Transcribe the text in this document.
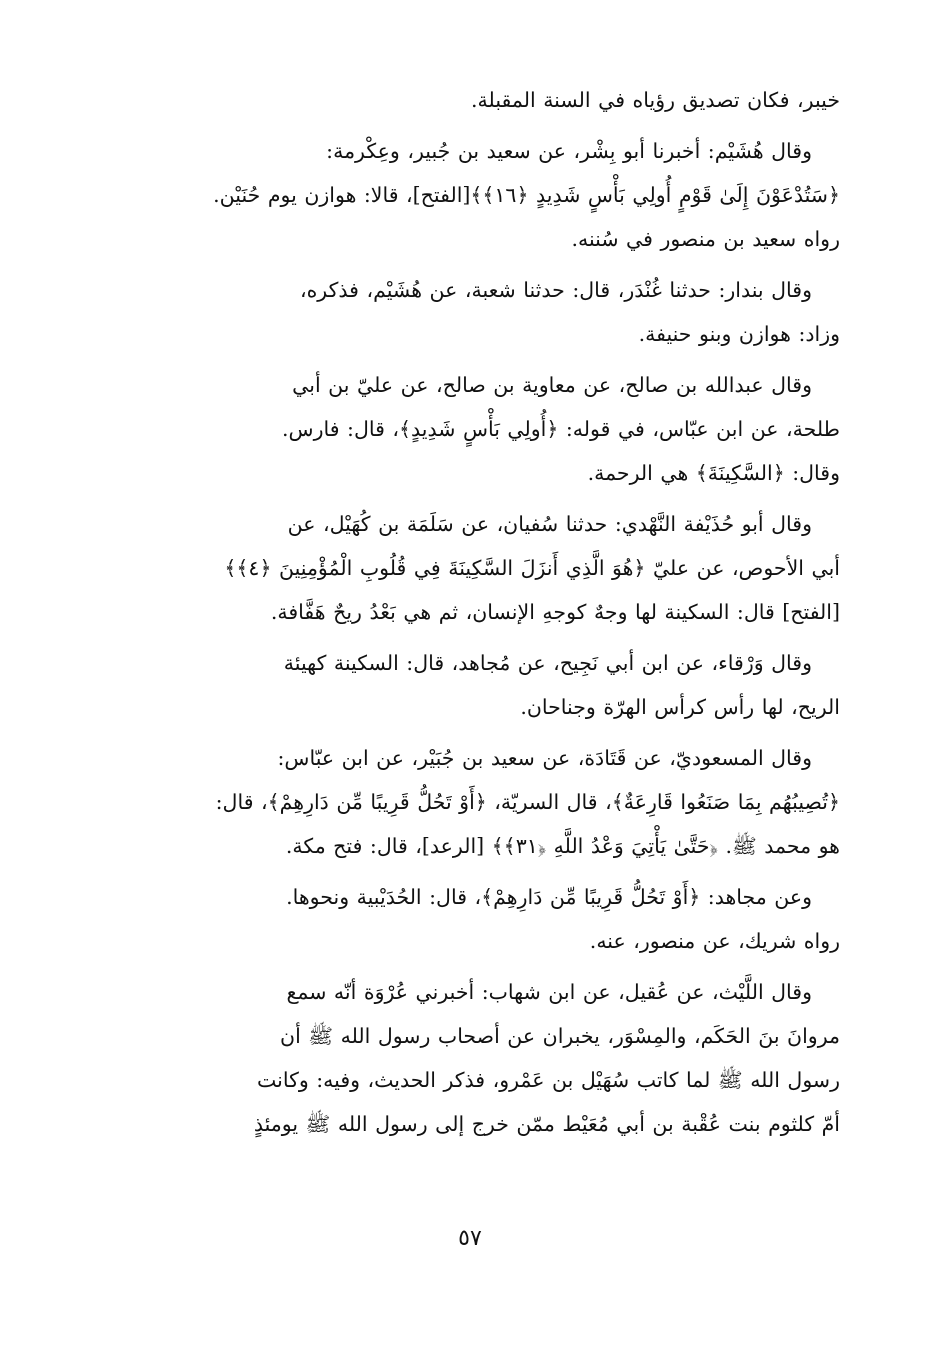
خيبر، فكان تصديق رؤياه في السنة المقبلة.

وقال هُشَيْم: أخبرنا أبو بِشْر، عن سعيد بن جُبير، وعِكْرمة:
﴿سَتُدْعَوْنَ إِلَىٰ قَوْمٍ أُولِي بَأْسٍ شَدِيدٍ ﴿١٦﴾﴾[الفتح]، قالا: هوازن يوم حُنَيْن.
رواه سعيد بن منصور في سُننه.

وقال بندار: حدثنا غُنْدَر، قال: حدثنا شعبة، عن هُشَيْم، فذكره،
وزاد: هوازن وبنو حنيفة.

وقال عبدالله بن صالح، عن معاوية بن صالح، عن عليّ بن أبي
طلحة، عن ابن عبّاس، في قوله: ﴿أُولِي بَأْسٍ شَدِيدٍ﴾، قال: فارس.
وقال: ﴿السَّكِينَةَ﴾ هي الرحمة.

وقال أبو حُذَيْفة النَّهْدي: حدثنا سُفيان، عن سَلَمَة بن كُهَيْل، عن
أبي الأحوص، عن عليّ ﴿هُوَ الَّذِي أَنزَلَ السَّكِينَةَ فِي قُلُوبِ الْمُؤْمِنِينَ ﴿٤﴾﴾
[الفتح] قال: السكينة لها وجهٌ كوجهِ الإنسان، ثم هي بَعْدُ ريحٌ هَفَّافة.

وقال وَرْقاء، عن ابن أبي نَجِيح، عن مُجاهد، قال: السكينة كهيئة
الريح، لها رأس كرأس الهرّة وجناحان.

وقال المسعوديّ، عن قَتَادَة، عن سعيد بن جُبَيْر، عن ابن عبّاس:
﴿تُصِيبُهُم بِمَا صَنَعُوا قَارِعَةٌ﴾، قال السريّة، ﴿أَوْ تَحُلُّ قَرِيبًا مِّن دَارِهِمْ﴾، قال:
هو محمد ﷺ. ﴿حَتَّىٰ يَأْتِيَ وَعْدُ اللَّهِ ﴿٣١﴾﴾ [الرعد]، قال: فتح مكة.

وعن مجاهد: ﴿أَوْ تَحُلُّ قَرِيبًا مِّن دَارِهِمْ﴾، قال: الحُدَيْبية ونحوها.
رواه شريك، عن منصور، عنه.

وقال اللَّيْث، عن عُقيل، عن ابن شهاب: أخبرني عُرْوَة أنّه سمع
مروانَ بنَ الحَكَم، والمِسْوَر، يخبران عن أصحاب رسول الله ﷺ أن
رسول الله ﷺ لما كاتب سُهَيْل بن عَمْرو، فذكر الحديث، وفيه: وكانت
أمّ كلثوم بنت عُقْبة بن أبي مُعَيْط ممّن خرج إلى رسول الله ﷺ يومئذٍ

٥٧
